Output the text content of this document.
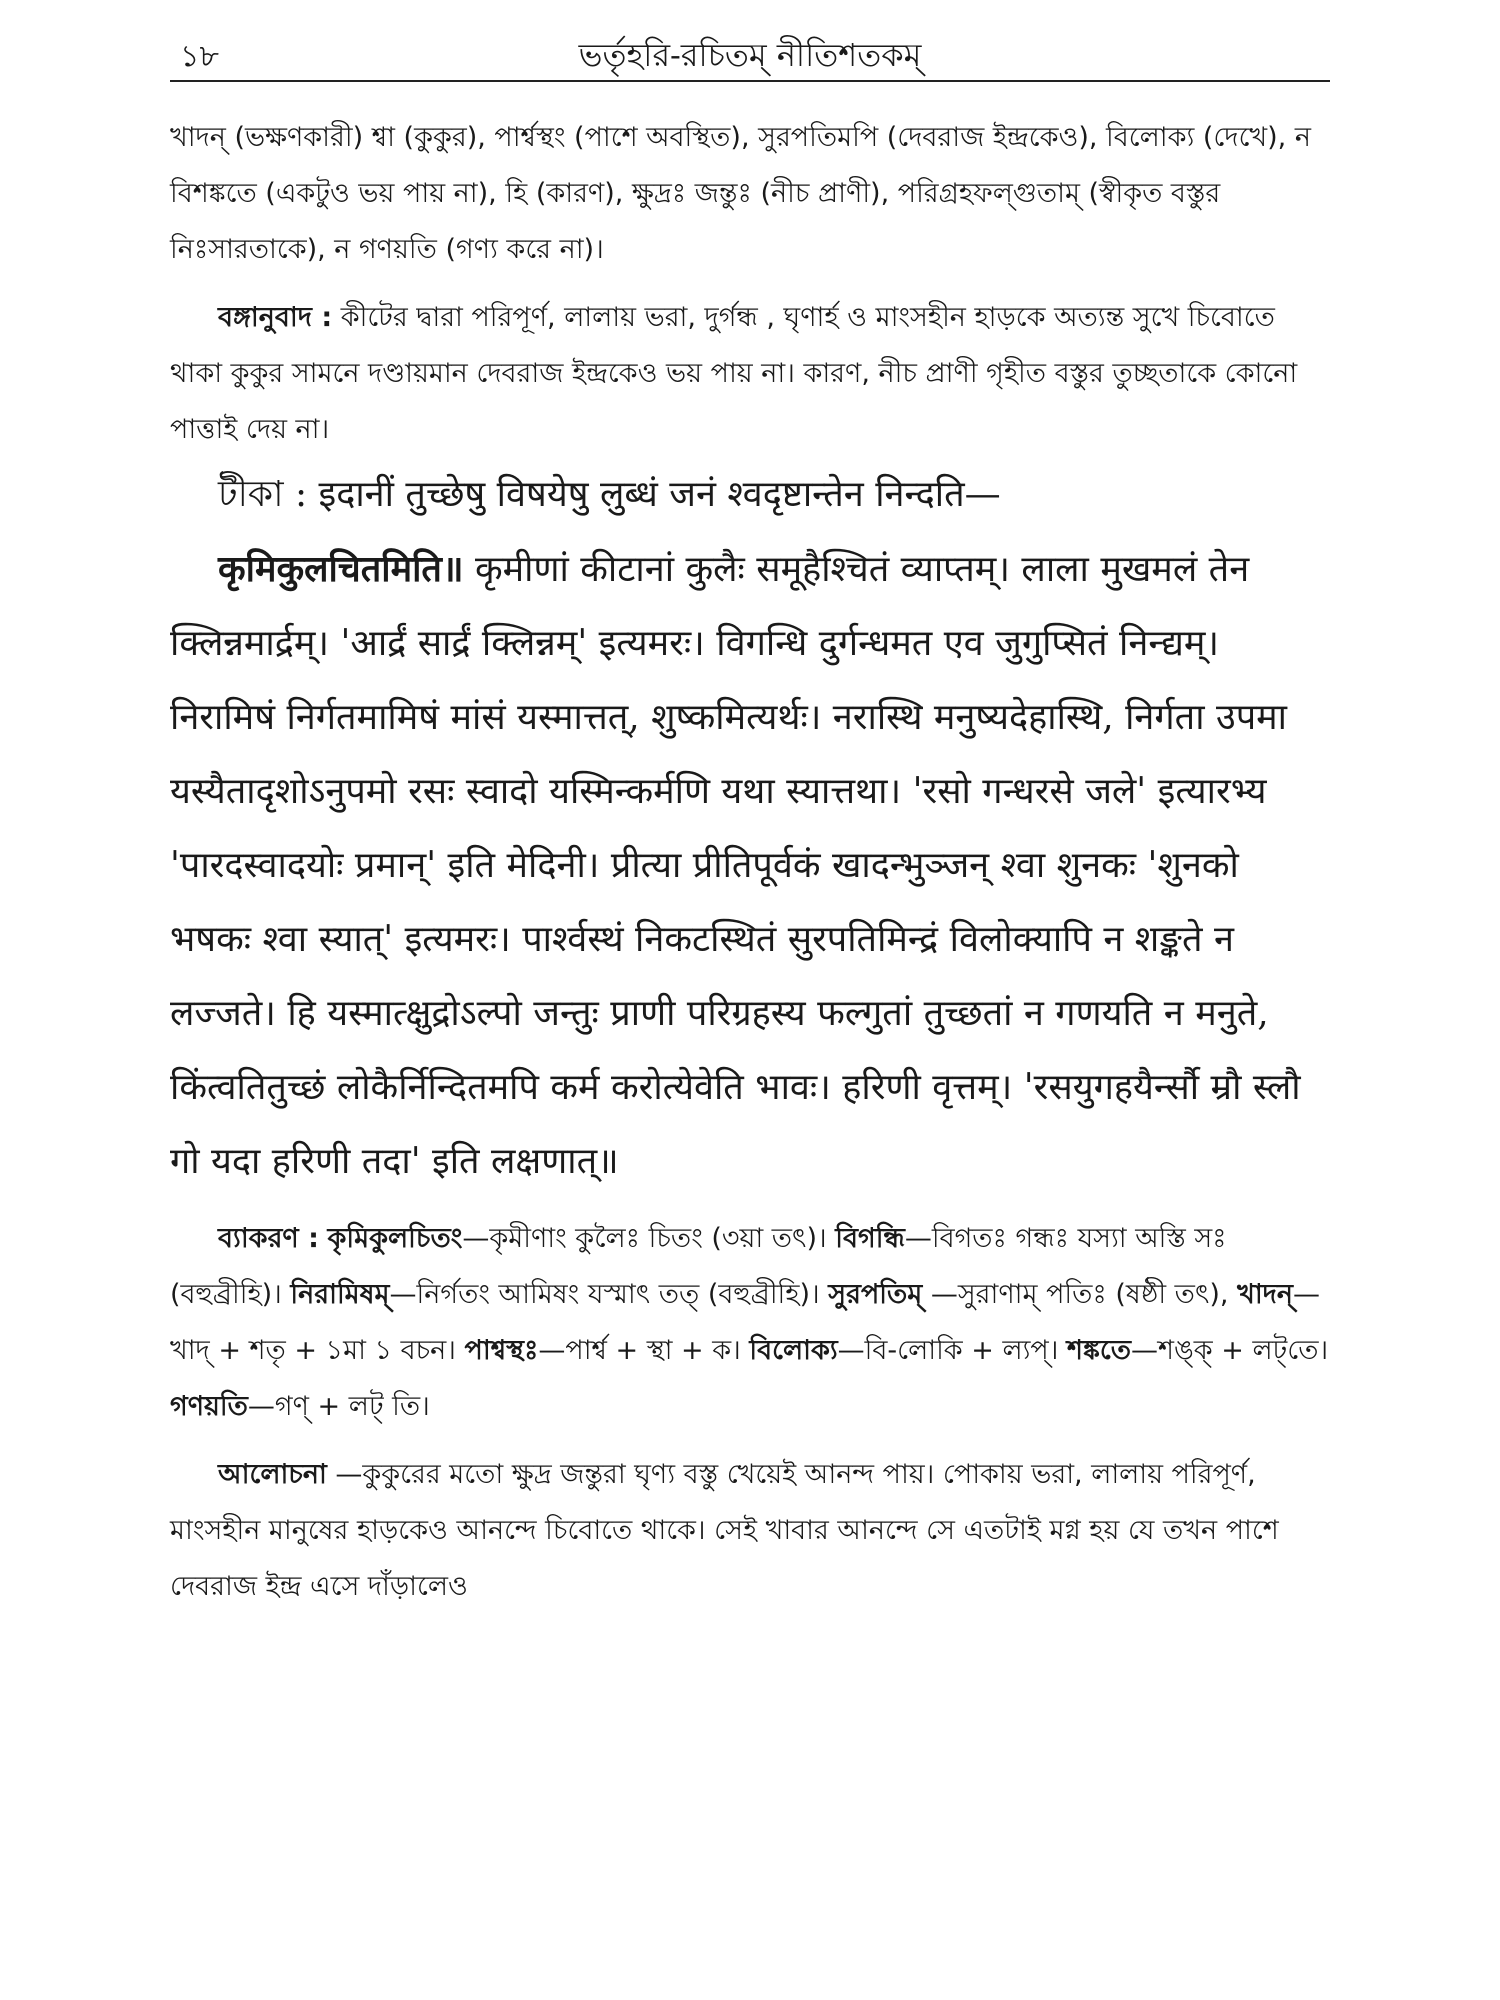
১৮	ভর্তৃহরি-রচিতম্ নীতিশতকম্

খাদন্ (ভক্ষণকারী) শ্বা (কুকুর), পার্শ্বস্থং (পাশে অবস্থিত), সুরপতিমপি (দেবরাজ ইন্দ্রকেও), বিলোক্য (দেখে), ন বিশঙ্কতে (একটুও ভয় পায় না), হি (কারণ), ক্ষুদ্রঃ জন্তুঃ (নীচ প্রাণী), পরিগ্রহফল্গুতাম্ (স্বীকৃত বস্তুর নিঃসারতাকে), ন গণয়তি (গণ্য করে না)।

বঙ্গানুবাদ : কীটের দ্বারা পরিপূর্ণ, লালায় ভরা, দুর্গন্ধ , ঘৃণার্হ ও মাংসহীন হাড়কে অত্যন্ত সুখে চিবোতে থাকা কুকুর সামনে দণ্ডায়মান দেবরাজ ইন্দ্রকেও ভয় পায় না। কারণ, নীচ প্রাণী গৃহীত বস্তুর তুচ্ছতাকে কোনো পাত্তাই দেয় না।

টীকা : इदानीं तुच्छेषु विषयेषु लुब्धं जनं श्वदृष्टान्तेन निन्दति—

कृमिकुलचितमिति॥ कृमीणां कीटानां कुलैः समूहैश्चितं व्याप्तम्। लाला मुखमलं तेन क्लिन्नमार्द्रम्। 'आर्द्रं सार्द्रं क्लिन्नम्' इत्यमरः। विगन्धि दुर्गन्धमत एव जुगुप्सितं निन्द्यम्। निरामिषं निर्गतमामिषं मांसं यस्मात्तत्, शुष्कमित्यर्थः। नरास्थि मनुष्यदेहास्थि, निर्गता उपमा यस्यैतादृशोऽनुपमो रसः स्वादो यस्मिन्कर्मणि यथा स्यात्तथा। 'रसो गन्धरसे जले' इत्यारभ्य 'पारदस्वादयोः प्रमान्' इति मेदिनी। प्रीत्या प्रीतिपूर्वकं खादन्भुञ्जन् श्वा शुनकः 'शुनको भषकः श्वा स्यात्' इत्यमरः। पार्श्वस्थं निकटस्थितं सुरपतिमिन्द्रं विलोक्यापि न शङ्कते न लज्जते। हि यस्मात्क्षुद्रोऽल्पो जन्तुः प्राणी परिग्रहस्य फल्गुतां तुच्छतां न गणयति न मनुते, किंत्वतितुच्छं लोकैर्निन्दितमपि कर्म करोत्येवेति भावः। हरिणी वृत्तम्। 'रसयुगहयैर्न्सौ म्रौ स्लौ गो यदा हरिणी तदा' इति लक्षणात्॥

ব্যাকরণ : কৃমিকুলচিতং—কৃমীণাং কুলৈঃ চিতং (৩য়া তৎ)। বিগন্ধি—বিগতঃ গন্ধঃ যস্যা অস্তি সঃ (বহুব্রীহি)। নিরামিষম্—নির্গতং আমিষং যস্মাৎ তত্ (বহুব্রীহি)। সুরপতিম্ —সুরাণাম্ পতিঃ (ষষ্ঠী তৎ), খাদন্—খাদ্ + শতৃ + ১মা ১ বচন। পাশ্বস্থঃ—পার্শ্ব + স্থা + ক। বিলোক্য—বি-লোকি + ল্যপ্। শঙ্কতে—শঙ্ক্ + লট্‌তে। গণয়তি—গণ্ + লট্ তি।

আলোচনা —কুকুরের মতো ক্ষুদ্র জন্তুরা ঘৃণ্য বস্তু খেয়েই আনন্দ পায়। পোকায় ভরা, লালায় পরিপূর্ণ, মাংসহীন মানুষের হাড়কেও আনন্দে চিবোতে থাকে। সেই খাবার আনন্দে সে এতটাই মগ্ন হয় যে তখন পাশে দেবরাজ ইন্দ্র এসে দাঁড়ালেও
